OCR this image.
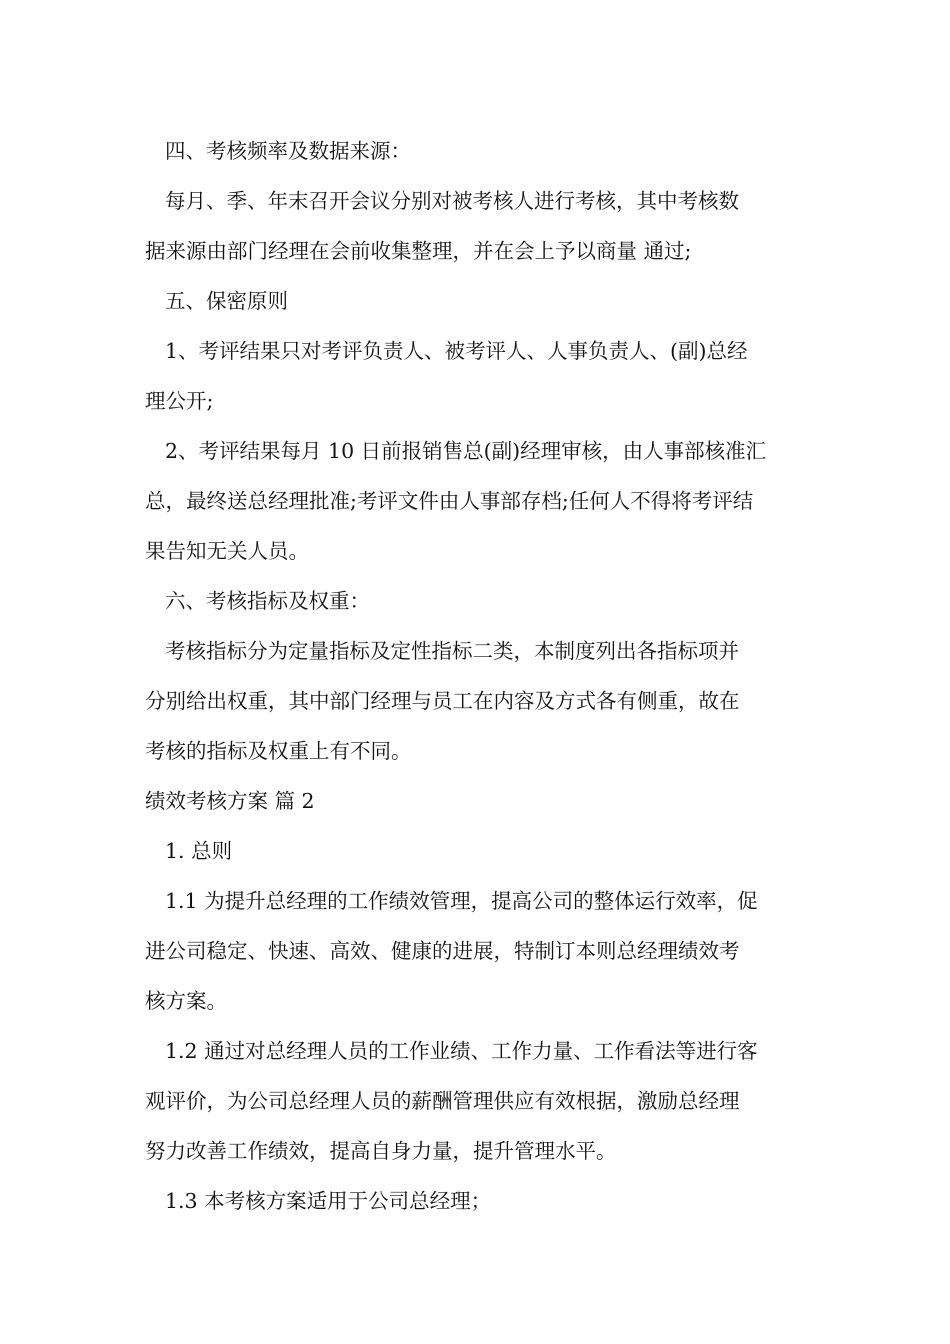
四、考核频率及数据来源：
每月、季、年末召开会议分别对被考核人进行考核，其中考核数
据来源由部门经理在会前收集整理，并在会上予以商量 通过;
五、保密原则
1、考评结果只对考评负责人、被考评人、人事负责人、(副)总经
理公开;
2、考评结果每月 10 日前报销售总(副)经理审核，由人事部核准汇
总，最终送总经理批准;考评文件由人事部存档;任何人不得将考评结
果告知无关人员。
六、考核指标及权重：
考核指标分为定量指标及定性指标二类，本制度列出各指标项并
分别给出权重，其中部门经理与员工在内容及方式各有侧重，故在
考核的指标及权重上有不同。
绩效考核方案 篇 2
1. 总则
1.1 为提升总经理的工作绩效管理，提高公司的整体运行效率，促
进公司稳定、快速、高效、健康的进展，特制订本则总经理绩效考
核方案。
1.2 通过对总经理人员的工作业绩、工作力量、工作看法等进行客
观评价，为公司总经理人员的薪酬管理供应有效根据，激励总经理
努力改善工作绩效，提高自身力量，提升管理水平。
1.3 本考核方案适用于公司总经理；
